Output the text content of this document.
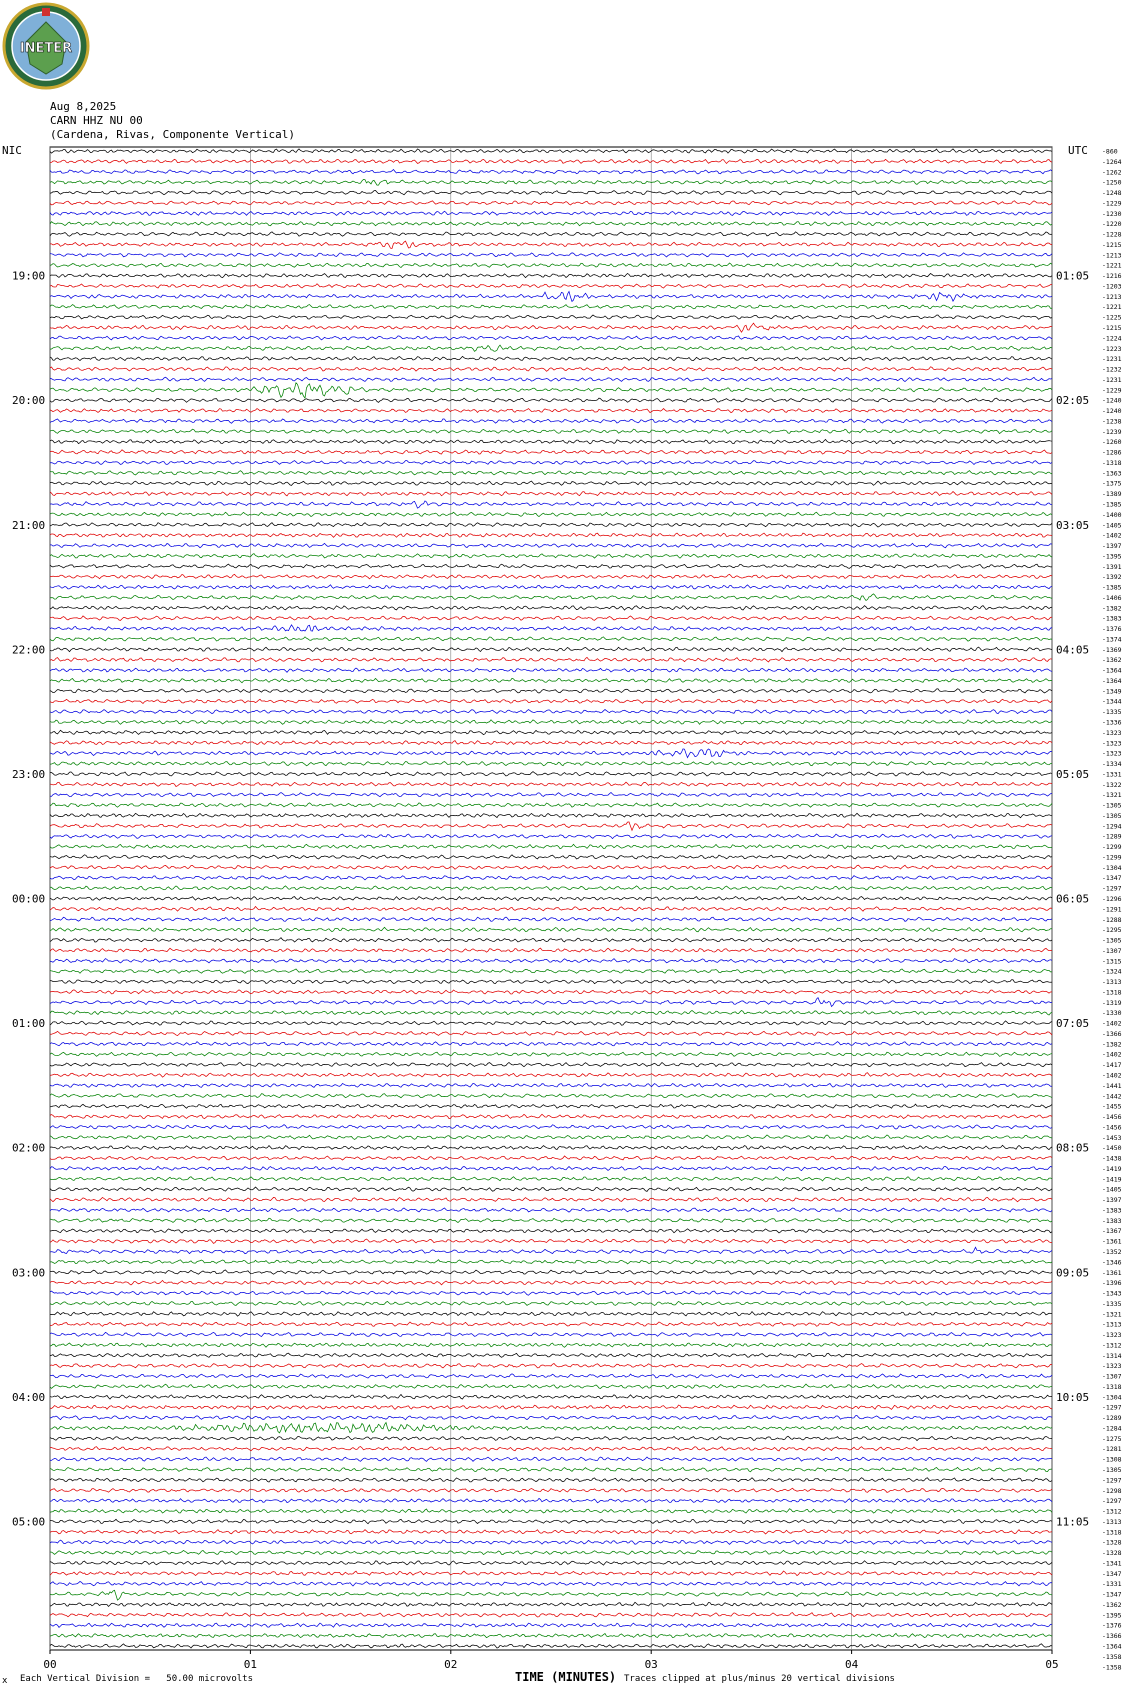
INETER
Aug 8,2025
CARN HHZ NU 00
(Cardena, Rivas, Componente Vertical)
NIC	UTC
19:00
20:00
21:00
22:00
23:00
00:00
01:00
02:00
03:00
04:00
05:00
01:05
02:05
03:05
04:05
05:05
06:05
07:05
08:05
09:05
10:05
11:05
-860
-1264
-1262
-1250
-1248
-1229
-1230
-1220
-1228
-1215
-1213
-1221
-1216
-1203
-1213
-1221
-1225
-1215
-1224
-1223
-1231
-1232
-1231
-1229
-1240
-1240
-1238
-1239
-1260
-1286
-1318
-1363
-1375
-1389
-1385
-1400
-1405
-1402
-1397
-1395
-1391
-1392
-1385
-1406
-1382
-1383
-1376
-1374
-1369
-1362
-1364
-1364
-1349
-1344
-1335
-1336
-1323
-1323
-1323
-1334
-1331
-1322
-1321
-1305
-1305
-1294
-1289
-1299
-1299
-1304
-1347
-1297
-1296
-1291
-1288
-1295
-1305
-1307
-1315
-1324
-1313
-1318
-1319
-1330
-1402
-1366
-1382
-1402
-1417
-1402
-1441
-1442
-1455
-1456
-1456
-1453
-1450
-1438
-1419
-1419
-1405
-1397
-1383
-1383
-1367
-1361
-1352
-1346
-1361
-1396
-1343
-1335
-1321
-1313
-1323
-1312
-1314
-1323
-1307
-1318
-1304
-1297
-1289
-1284
-1275
-1281
-1308
-1305
-1297
-1298
-1297
-1312
-1313
-1318
-1328
-1328
-1341
-1347
-1331
-1347
-1362
-1395
-1376
-1366
-1364
-1358
-1358
00	01	02	03	04	05
x Each Vertical Division =   50.00 microvolts	TIME (MINUTES) Traces clipped at plus/minus 20 vertical divisions
